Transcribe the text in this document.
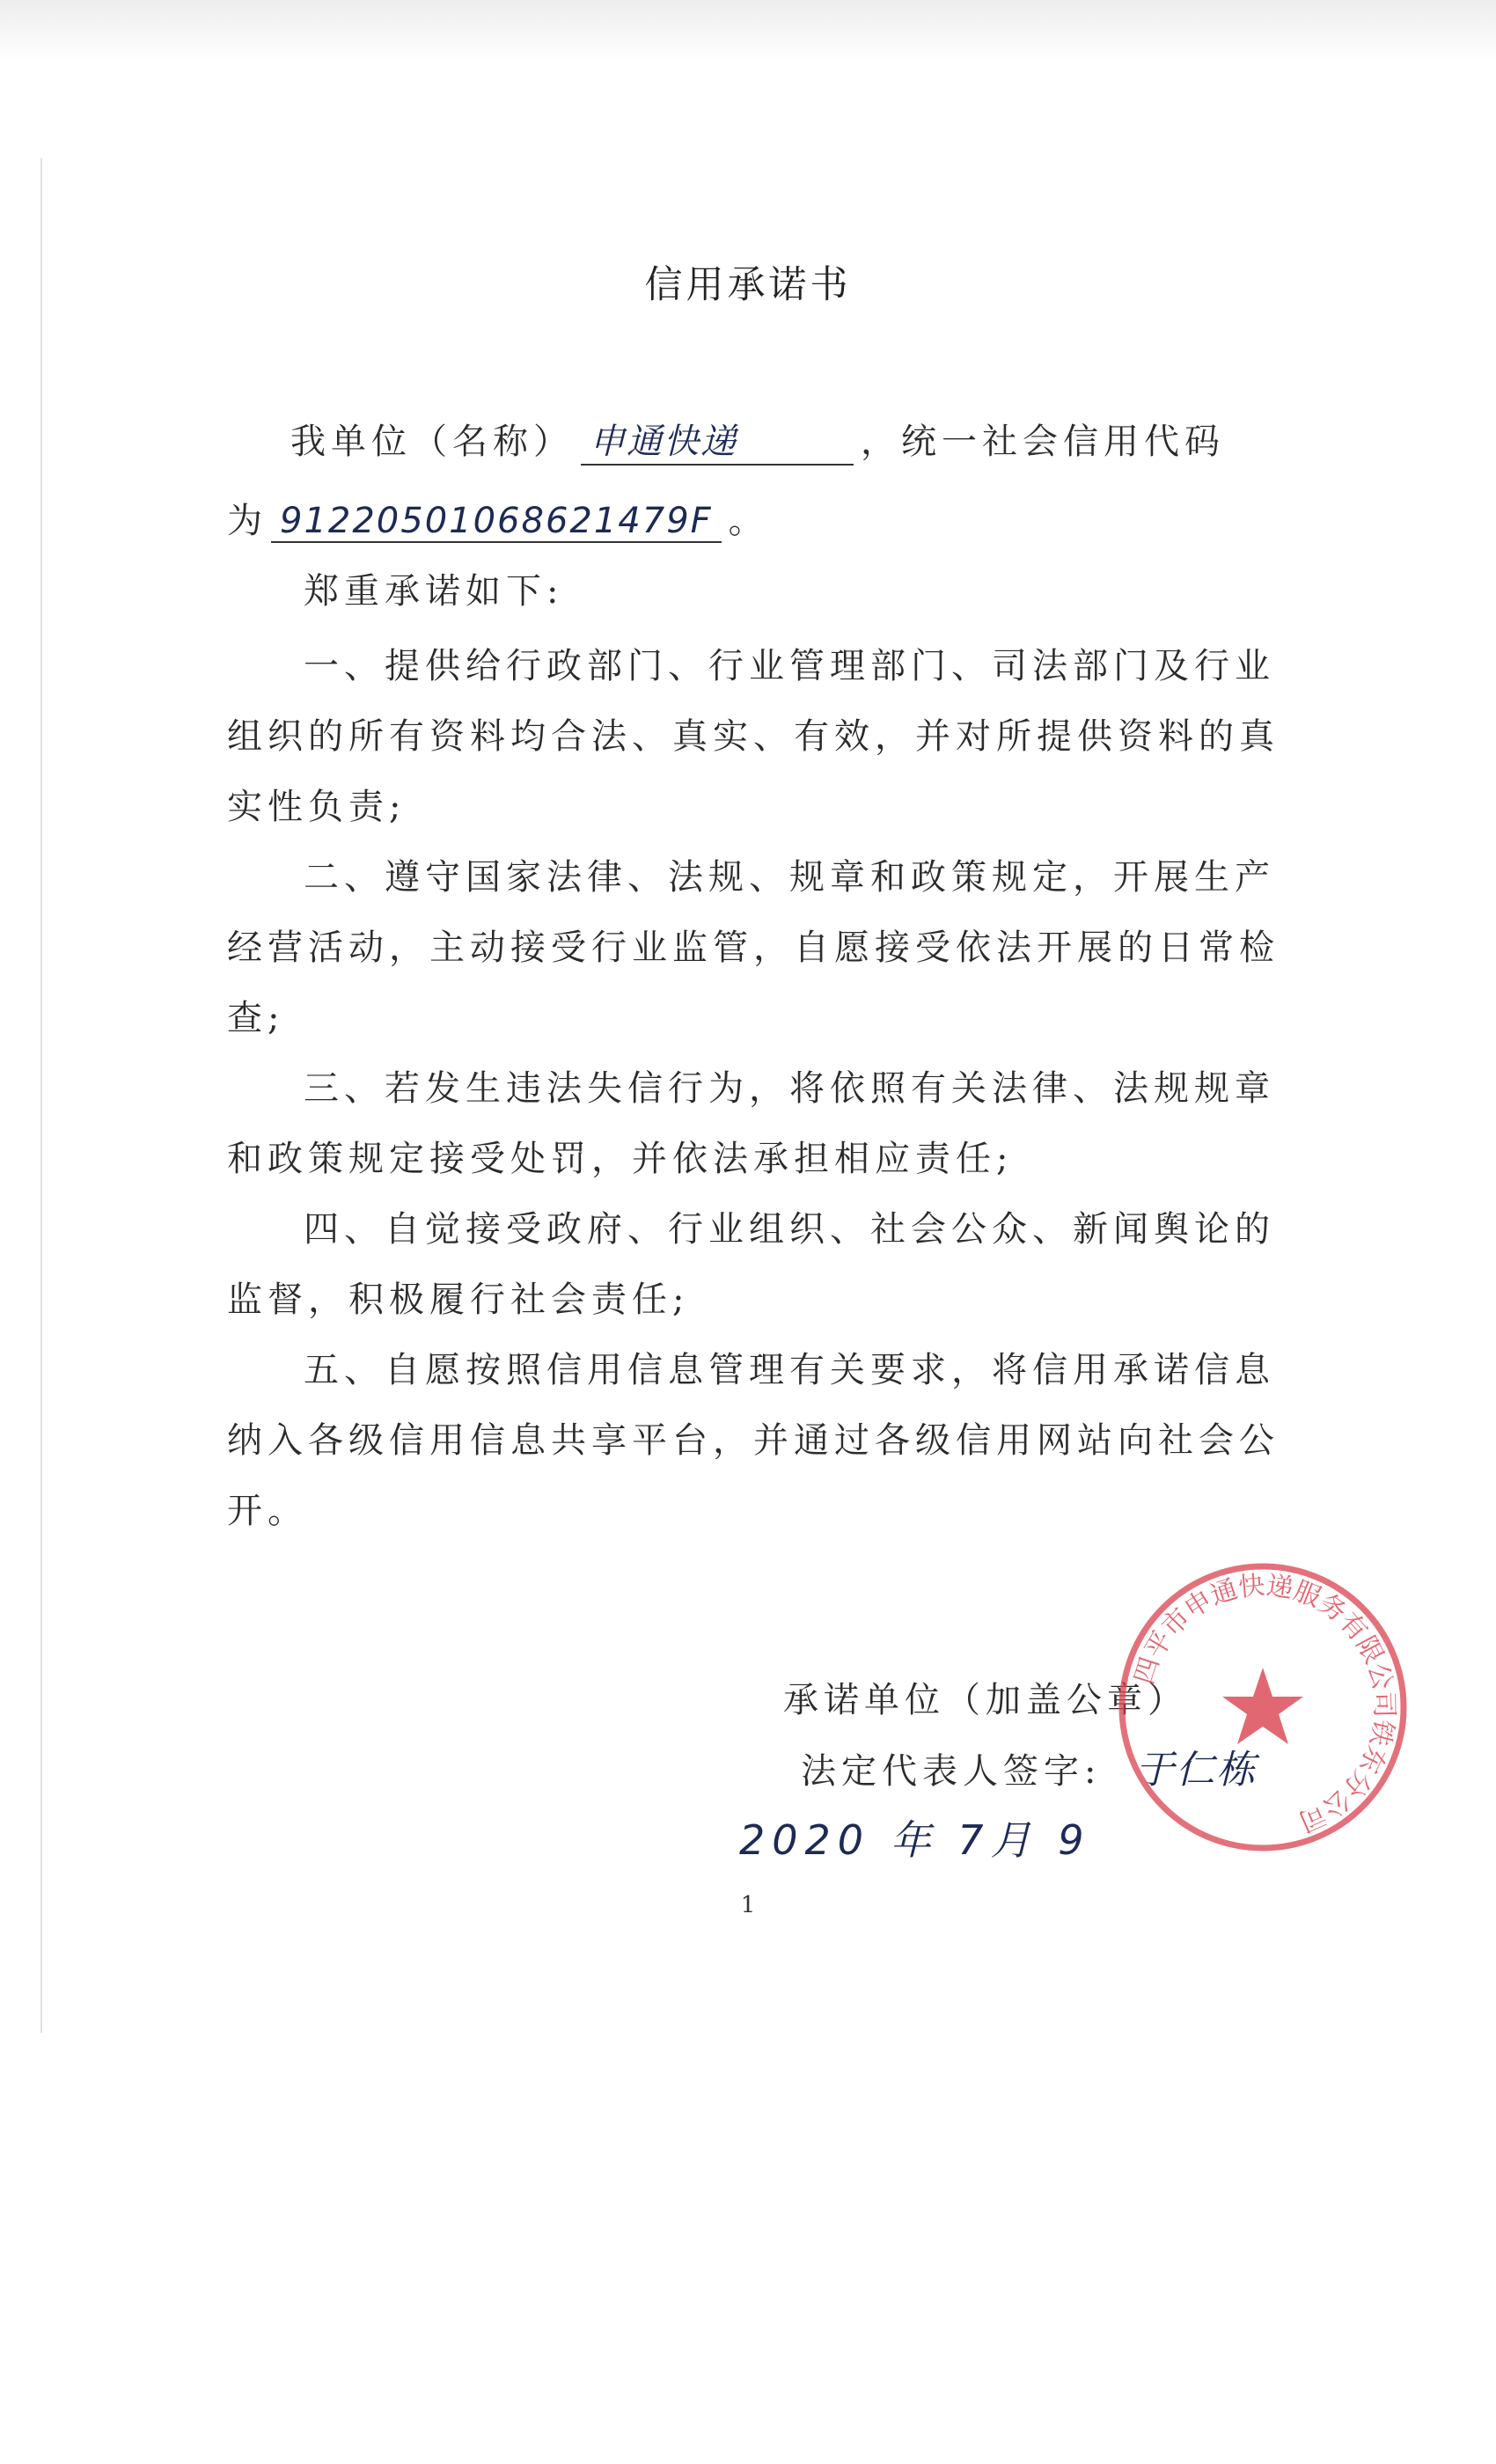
信用承诺书
我单位（名称） 申通快递	，统一社会信用代码
为 91220501068621479F 。
郑重承诺如下:
一、提供给行政部门、行业管理部门、司法部门及行业
组织的所有资料均合法、真实、有效，并对所提供资料的真
实性负责;
二、遵守国家法律、法规、规章和政策规定，开展生产
经营活动，主动接受行业监管，自愿接受依法开展的日常检
查;
三、若发生违法失信行为，将依照有关法律、法规规章
和政策规定接受处罚，并依法承担相应责任;
四、自觉接受政府、行业组织、社会公众、新闻舆论的
监督，积极履行社会责任;
五、自愿按照信用信息管理有关要求，将信用承诺信息
纳入各级信用信息共享平台，并通过各级信用网站向社会公
开。
承诺单位（加盖公章）
法定代表人签字: 于仁栋
2020 年 7月 9
四平市申通快递服务有限公司铁东分公司
1
